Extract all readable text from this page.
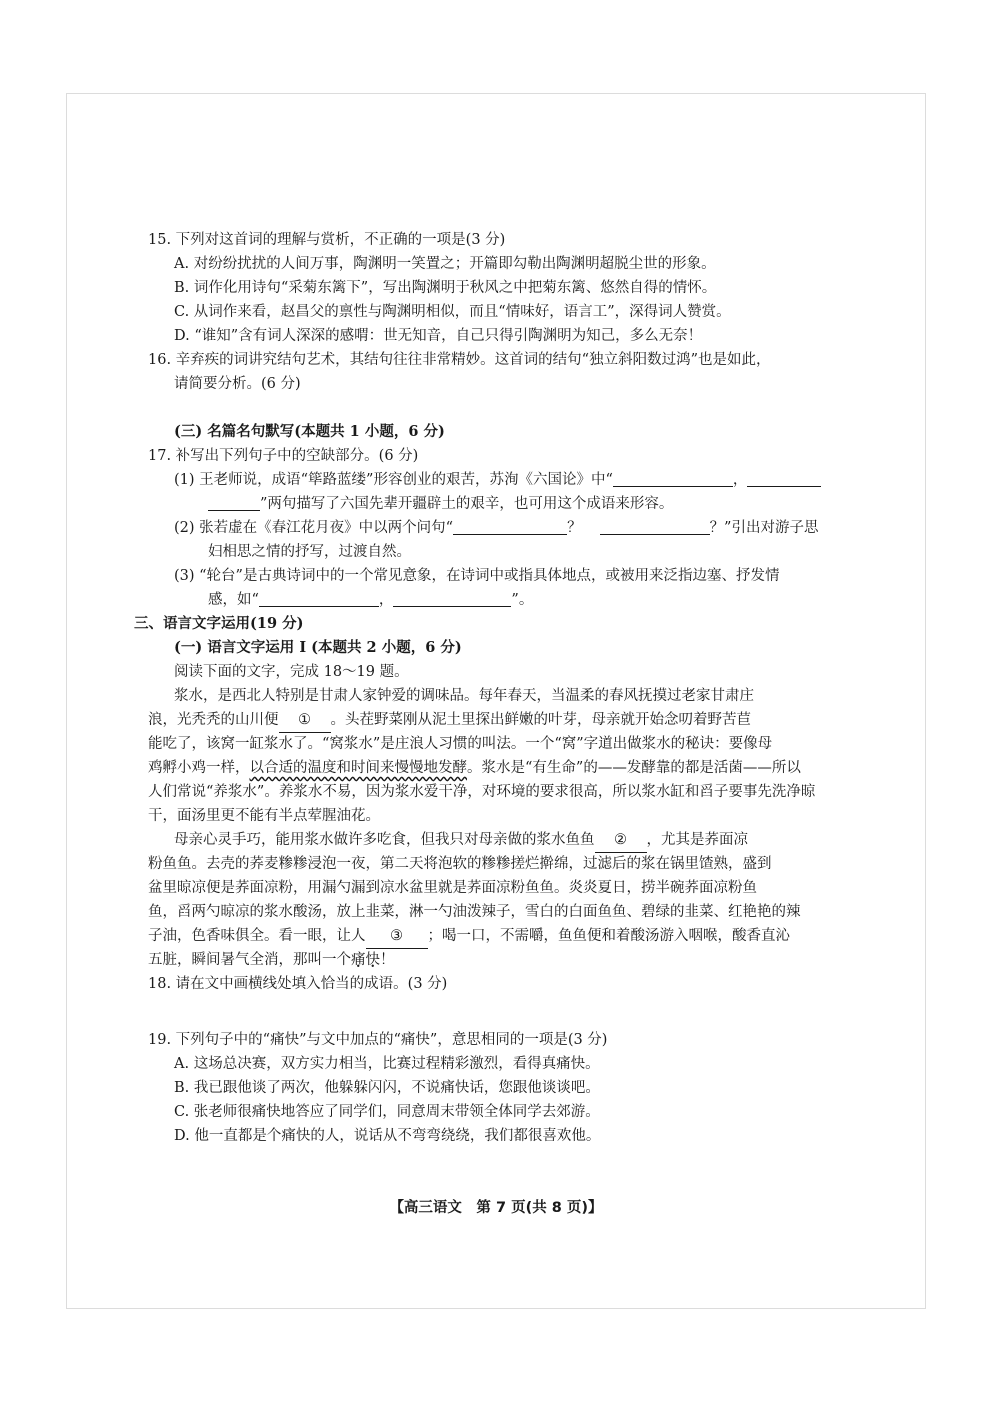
15. 下列对这首词的理解与赏析，不正确的一项是(3 分)
A. 对纷纷扰扰的人间万事，陶渊明一笑置之；开篇即勾勒出陶渊明超脱尘世的形象。
B. 词作化用诗句“采菊东篱下”，写出陶渊明于秋风之中把菊东篱、悠然自得的情怀。
C. 从词作来看，赵昌父的禀性与陶渊明相似，而且“情味好，语言工”，深得词人赞赏。
D. “谁知”含有词人深深的感喟：世无知音，自己只得引陶渊明为知己，多么无奈！
16. 辛弃疾的词讲究结句艺术，其结句往往非常精妙。这首词的结句“独立斜阳数过鸿”也是如此，
请简要分析。(6 分)
(三) 名篇名句默写(本题共 1 小题，6 分)
17. 补写出下列句子中的空缺部分。(6 分)
(1) 王老师说，成语“筚路蓝缕”形容创业的艰苦，苏洵《六国论》中“	，
”两句描写了六国先辈开疆辟土的艰辛，也可用这个成语来形容。
(2) 张若虚在《春江花月夜》中以两个问句“	？	？”引出对游子思
妇相思之情的抒写，过渡自然。
(3) “轮台”是古典诗词中的一个常见意象，在诗词中或指具体地点，或被用来泛指边塞、抒发情
感，如“	，	”。
三、语言文字运用(19 分)
(一) 语言文字运用 I (本题共 2 小题，6 分)
阅读下面的文字，完成 18～19 题。
浆水，是西北人特别是甘肃人家钟爱的调味品。每年春天，当温柔的春风抚摸过老家甘肃庄
浪，光秃秃的山川便 ① 。头茬野菜刚从泥土里探出鲜嫩的叶芽，母亲就开始念叨着野苦苣
能吃了，该窝一缸浆水了。“窝浆水”是庄浪人习惯的叫法。一个“窝”字道出做浆水的秘诀：要像母
鸡孵小鸡一样，以合适的温度和时间来慢慢地发酵。浆水是“有生命”的——发酵靠的都是活菌——所以
人们常说“养浆水”。养浆水不易，因为浆水爱干净，对环境的要求很高，所以浆水缸和舀子要事先洗净晾
干，面汤里更不能有半点荤腥油花。
母亲心灵手巧，能用浆水做许多吃食，但我只对母亲做的浆水鱼鱼 ② ，尤其是荞面凉
粉鱼鱼。去壳的荞麦糁糁浸泡一夜，第二天将泡软的糁糁搓烂擀绵，过滤后的浆在锅里馇熟，盛到
盆里晾凉便是荞面凉粉，用漏勺漏到凉水盆里就是荞面凉粉鱼鱼。炎炎夏日，捞半碗荞面凉粉鱼
鱼，舀两勺晾凉的浆水酸汤，放上韭菜，淋一勺油泼辣子，雪白的白面鱼鱼、碧绿的韭菜、红艳艳的辣
子油，色香味俱全。看一眼，让人 ③ ；喝一口，不需嚼，鱼鱼便和着酸汤游入咽喉，酸香直沁
五脏，瞬间暑气全消，那叫一个痛快！
18. 请在文中画横线处填入恰当的成语。(3 分)
19. 下列句子中的“痛快”与文中加点的“痛快”，意思相同的一项是(3 分)
A. 这场总决赛，双方实力相当，比赛过程精彩激烈，看得真痛快。
B. 我已跟他谈了两次，他躲躲闪闪，不说痛快话，您跟他谈谈吧。
C. 张老师很痛快地答应了同学们，同意周末带领全体同学去郊游。
D. 他一直都是个痛快的人，说话从不弯弯绕绕，我们都很喜欢他。
【高三语文　第 7 页(共 8 页)】
